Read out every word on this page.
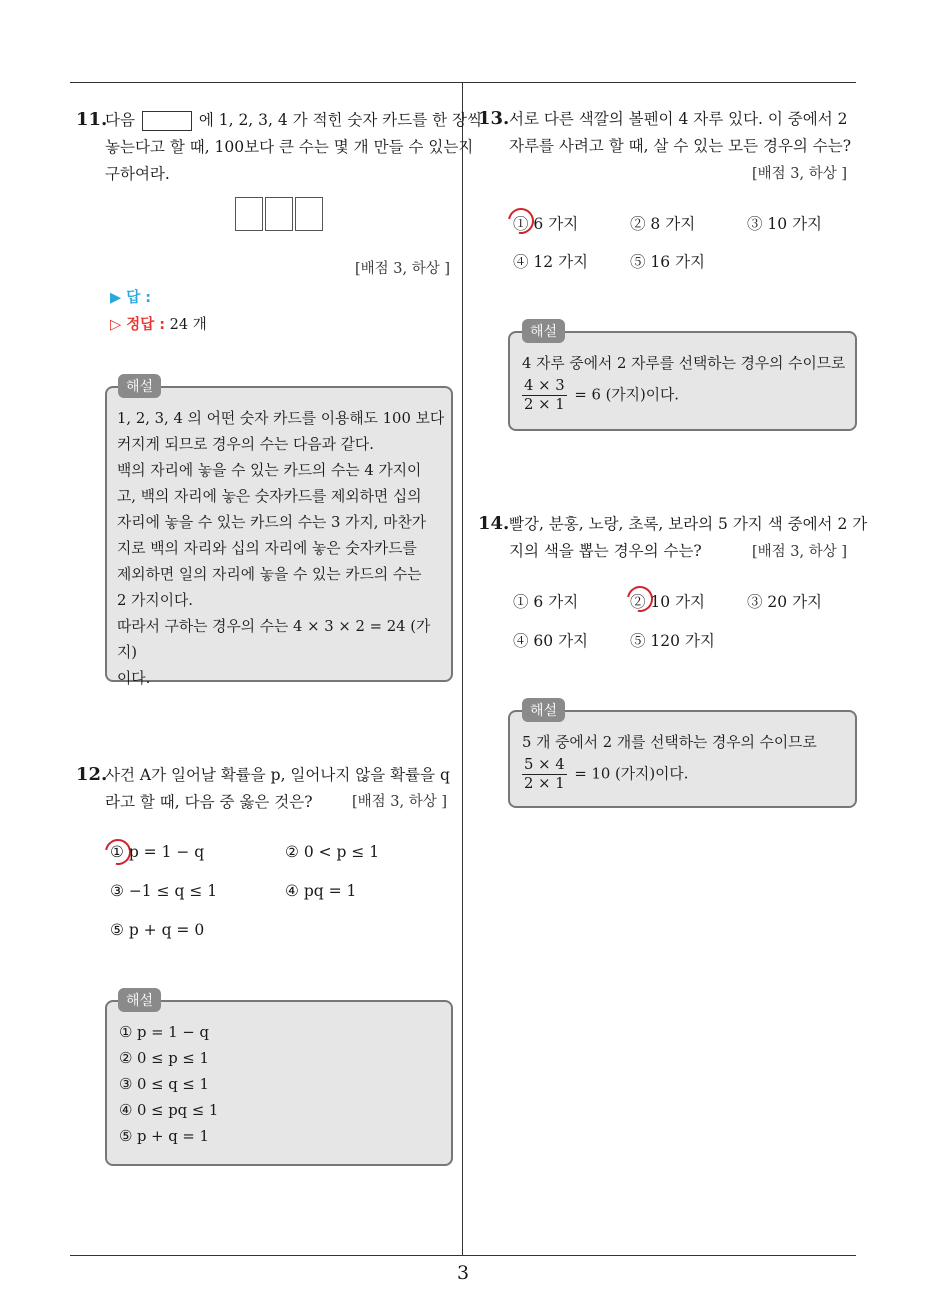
11.
다음	에 1, 2, 3, 4 가 적힌 숫자 카드를 한 장씩
놓는다고 할 때, 100보다 큰 수는 몇 개 만들 수 있는지
구하여라.
[배점 3, 하상 ]
▶ 답 :
▷ 정답 : 24 개
1, 2, 3, 4 의 어떤 숫자 카드를 이용해도 100 보다
커지게 되므로 경우의 수는 다음과 같다.
백의 자리에 놓을 수 있는 카드의 수는 4 가지이
고, 백의 자리에 놓은 숫자카드를 제외하면 십의
자리에 놓을 수 있는 카드의 수는 3 가지, 마찬가
지로 백의 자리와 십의 자리에 놓은 숫자카드를
제외하면 일의 자리에 놓을 수 있는 카드의 수는
2 가지이다.
따라서 구하는 경우의 수는 4 × 3 × 2 = 24 (가지)
이다.
해설
12.
사건 A가 일어날 확률을 p, 일어나지 않을 확률을 q
라고 할 때, 다음 중 옳은 것은?	[배점 3, 하상 ]
① p = 1 − q	② 0 < p ≤ 1
③ −1 ≤ q ≤ 1	④ pq = 1
⑤ p + q = 0
① p = 1 − q
② 0 ≤ p ≤ 1
③ 0 ≤ q ≤ 1
④ 0 ≤ pq ≤ 1
⑤ p + q = 1
해설
13. 서로 다른 색깔의 볼펜이 4 자루 있다. 이 중에서 2
자루를 사려고 할 때, 살 수 있는 모든 경우의 수는?
[배점 3, 하상 ]
① 6 가지	② 8 가지	③ 10 가지
④ 12 가지	⑤ 16 가지
4 자루 중에서 2 자루를 선택하는 경우의 수이므로
$\frac{4 \times 3}{2 \times 1} = 6$ (가지)이다.
해설
14. 빨강, 분홍, 노랑, 초록, 보라의 5 가지 색 중에서 2 가
지의 색을 뽑는 경우의 수는?	[배점 3, 하상 ]
① 6 가지	② 10 가지	③ 20 가지
④ 60 가지	⑤ 120 가지
5 개 중에서 2 개를 선택하는 경우의 수이므로
$\frac{5 \times 4}{2 \times 1} = 10$ (가지)이다.
해설
3
